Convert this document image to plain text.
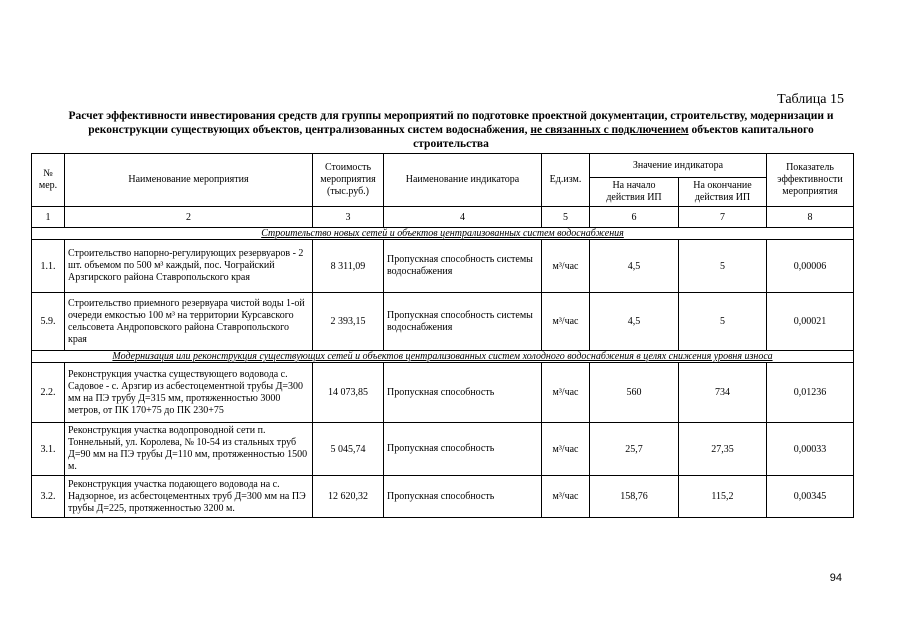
Таблица 15
Расчет эффективности инвестирования средств для группы мероприятий по подготовке проектной документации, строительству, модернизации и реконструкции существующих объектов, централизованных систем водоснабжения, не связанных с подключением объектов капитального строительства
№ мер.	Наименование мероприятия	Стоимость мероприятия (тыс.руб.)	Наименование индикатора	Ед.изм.	Значение индикатора		Показатель эффективности мероприятия
					На начало действия ИП	На окончание действия ИП	
1	2	3	4	5	6	7	8
Строительство новых сетей и объектов централизованных систем водоснабжения							
1.1.	Строительство напорно-регулирующих резервуаров - 2 шт. объемом по 500 м³ каждый, пос. Чограйский Арзгирского района Ставропольского края	8 311,09	Пропускная способность системы водоснабжения	м³/час	4,5	5	0,00006
5.9.	Строительство приемного резервуара чистой воды 1-ой очереди емкостью 100 м³ на территории Курсавского сельсовета Андроповского района Ставропольского края	2 393,15	Пропускная способность системы водоснабжения	м³/час	4,5	5	0,00021
Модернизация или реконструкция существующих сетей и объектов централизованных систем холодного водоснабжения в целях снижения уровня износа							
2.2.	Реконструкция участка существующего водовода с. Садовое - с. Арзгир из асбестоцементной трубы Д=300 мм на ПЭ трубу Д=315 мм, протяженностью 3000 метров, от ПК 170+75 до ПК 230+75	14 073,85	Пропускная способность	м³/час	560	734	0,01236
3.1.	Реконструкция участка водопроводной сети п. Тоннельный, ул. Королева, № 10-54 из стальных труб Д=90 мм на ПЭ трубы Д=110 мм, протяженностью 1500 м.	5 045,74	Пропускная способность	м³/час	25,7	27,35	0,00033
3.2.	Реконструкция участка подающего водовода на с. Надзорное, из асбестоцементных труб Д=300 мм на ПЭ трубы Д=225, протяженностью 3200 м.	12 620,32	Пропускная способность	м³/час	158,76	115,2	0,00345
94
